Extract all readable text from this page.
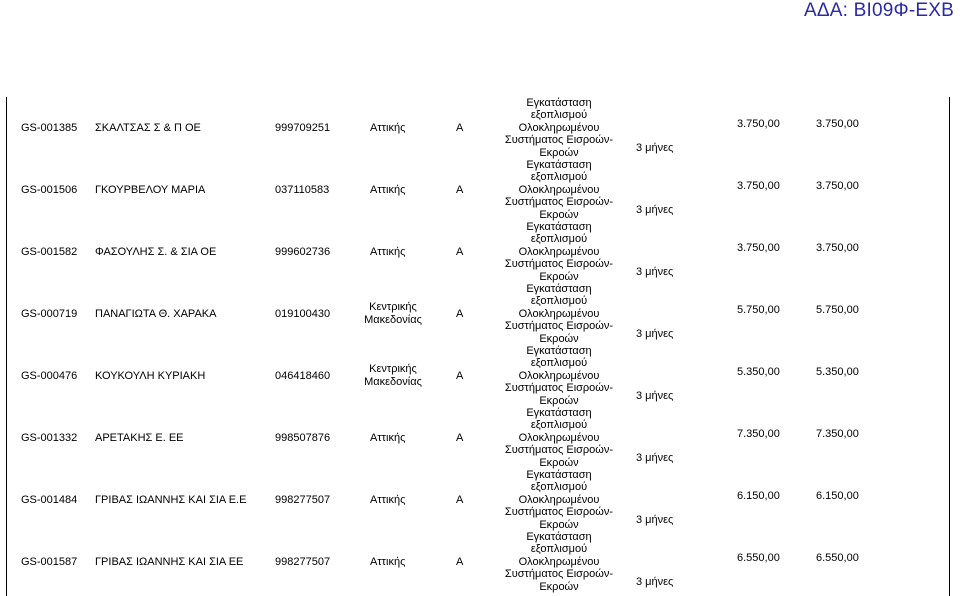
ΑΔΑ: ΒΙ09Φ-ΕΧΒ
GS-001385 ΣΚΑΛΤΣΑΣ Σ & Π ΟΕ	999709251	Αττικής	Α
Εγκατάσταση εξοπλισμού Ολοκληρωμένου Συστήματος Εισροών-Εκροών	3 μήνες
3.750,00	3.750,00
GS-001506 ΓΚΟΥΡΒΕΛΟΥ ΜΑΡΙΑ	037110583	Αττικής	Α
Εγκατάσταση εξοπλισμού Ολοκληρωμένου Συστήματος Εισροών-Εκροών	3 μήνες
3.750,00	3.750,00
GS-001582 ΦΑΣΟΥΛΗΣ Σ. & ΣΙΑ ΟΕ	999602736	Αττικής	Α
Εγκατάσταση εξοπλισμού Ολοκληρωμένου Συστήματος Εισροών-Εκροών	3 μήνες
3.750,00	3.750,00
GS-000719 ΠΑΝΑΓΙΩΤΑ Θ. ΧΑΡΑΚΑ	019100430
Κεντρικής Μακεδονίας
Α
Εγκατάσταση εξοπλισμού Ολοκληρωμένου Συστήματος Εισροών-Εκροών	3 μήνες
5.750,00	5.750,00
GS-000476 ΚΟΥΚΟΥΛΗ ΚΥΡΙΑΚΗ	046418460
Κεντρικής Μακεδονίας
Α
Εγκατάσταση εξοπλισμού Ολοκληρωμένου Συστήματος Εισροών-Εκροών	3 μήνες
5.350,00	5.350,00
GS-001332 ΑΡΕΤΑΚΗΣ Ε. ΕΕ	998507876	Αττικής	Α
Εγκατάσταση εξοπλισμού Ολοκληρωμένου Συστήματος Εισροών-Εκροών	3 μήνες
7.350,00	7.350,00
GS-001484 ΓΡΙΒΑΣ ΙΩΑΝΝΗΣ ΚΑΙ ΣΙΑ Ε.Ε	998277507	Αττικής	Α
Εγκατάσταση εξοπλισμού Ολοκληρωμένου Συστήματος Εισροών-Εκροών	3 μήνες
6.150,00	6.150,00
GS-001587 ΓΡΙΒΑΣ ΙΩΑΝΝΗΣ ΚΑΙ ΣΙΑ ΕΕ	998277507	Αττικής	Α
Εγκατάσταση εξοπλισμού Ολοκληρωμένου Συστήματος Εισροών-Εκροών	3 μήνες
6.550,00	6.550,00
